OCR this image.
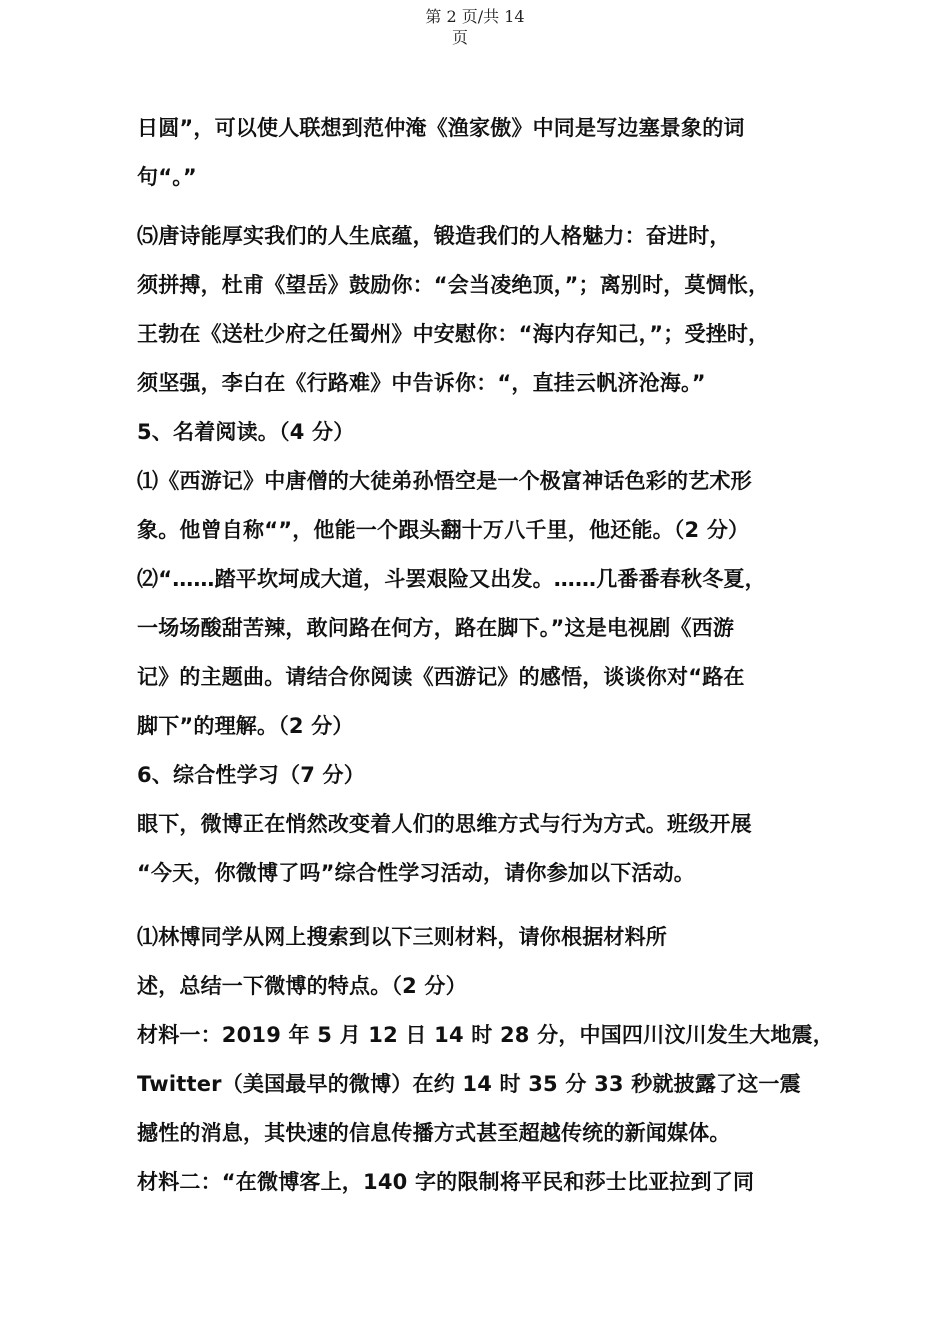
第 2 页/共 14
页
日圆”，可以使人联想到范仲淹《渔家傲》中同是写边塞景象的词
句“。”
⑸唐诗能厚实我们的人生底蕴，锻造我们的人格魅力：奋进时，
须拼搏，杜甫《望岳》鼓励你：“会当凌绝顶，”；离别时，莫惆怅，
王勃在《送杜少府之任蜀州》中安慰你：“海内存知己，”；受挫时，
须坚强，李白在《行路难》中告诉你：“，直挂云帆济沧海。”
5、名着阅读。（4 分）
⑴《西游记》中唐僧的大徒弟孙悟空是一个极富神话色彩的艺术形
象。他曾自称“”，他能一个跟头翻十万八千里，他还能。（2 分）
⑵“……踏平坎坷成大道，斗罢艰险又出发。……几番番春秋冬夏，
一场场酸甜苦辣，敢问路在何方，路在脚下。”这是电视剧《西游
记》的主题曲。请结合你阅读《西游记》的感悟，谈谈你对“路在
脚下”的理解。（2 分）
6、综合性学习（7 分）
眼下，微博正在悄然改变着人们的思维方式与行为方式。班级开展
“今天，你微博了吗”综合性学习活动，请你参加以下活动。
⑴林博同学从网上搜索到以下三则材料，请你根据材料所
述，总结一下微博的特点。（2 分）
材料一：2019 年 5 月 12 日 14 时 28 分，中国四川汶川发生大地震，
Twitter（美国最早的微博）在约 14 时 35 分 33 秒就披露了这一震
撼性的消息，其快速的信息传播方式甚至超越传统的新闻媒体。
材料二：“在微博客上，140 字的限制将平民和莎士比亚拉到了同
